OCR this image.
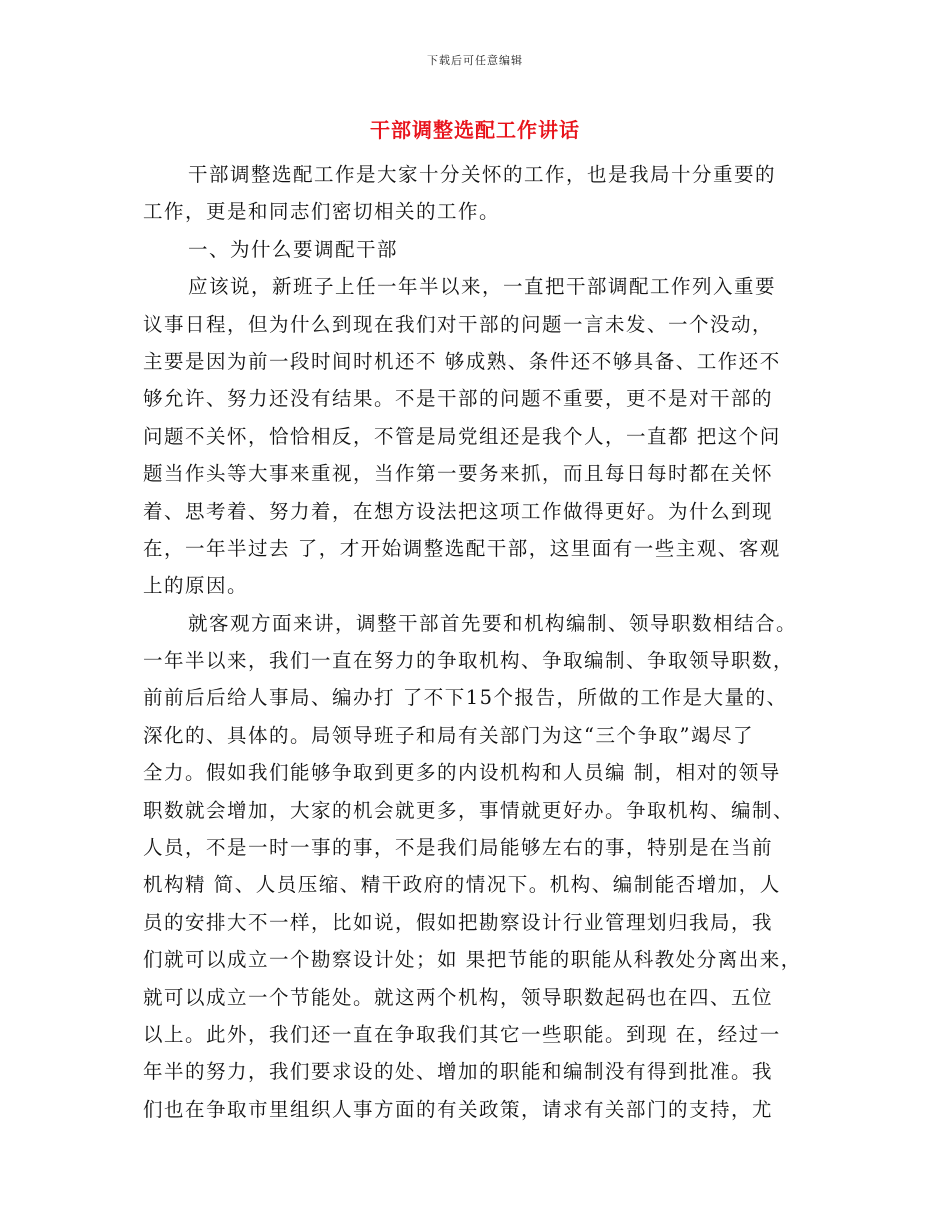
下载后可任意编辑
干部调整选配工作讲话
干部调整选配工作是大家十分关怀的工作，也是我局十分重要的
工作，更是和同志们密切相关的工作。
一、为什么要调配干部
应该说，新班子上任一年半以来，一直把干部调配工作列入重要
议事日程，但为什么到现在我们对干部的问题一言未发、一个没动，
主要是因为前一段时间时机还不 够成熟、条件还不够具备、工作还不
够允许、努力还没有结果。不是干部的问题不重要，更不是对干部的
问题不关怀，恰恰相反，不管是局党组还是我个人，一直都 把这个问
题当作头等大事来重视，当作第一要务来抓，而且每日每时都在关怀
着、思考着、努力着，在想方设法把这项工作做得更好。为什么到现
在，一年半过去 了，才开始调整选配干部，这里面有一些主观、客观
上的原因。
就客观方面来讲，调整干部首先要和机构编制、领导职数相结合。
一年半以来，我们一直在努力的争取机构、争取编制、争取领导职数，
前前后后给人事局、编办打 了不下15个报告，所做的工作是大量的、
深化的、具体的。局领导班子和局有关部门为这“三个争取”竭尽了
全力。假如我们能够争取到更多的内设机构和人员编 制，相对的领导
职数就会增加，大家的机会就更多，事情就更好办。争取机构、编制、
人员，不是一时一事的事，不是我们局能够左右的事，特别是在当前
机构精 简、人员压缩、精干政府的情况下。机构、编制能否增加，人
员的安排大不一样，比如说，假如把勘察设计行业管理划归我局，我
们就可以成立一个勘察设计处；如 果把节能的职能从科教处分离出来，
就可以成立一个节能处。就这两个机构，领导职数起码也在四、五位
以上。此外，我们还一直在争取我们其它一些职能。到现 在，经过一
年半的努力，我们要求设的处、增加的职能和编制没有得到批准。我
们也在争取市里组织人事方面的有关政策，请求有关部门的支持，尤
